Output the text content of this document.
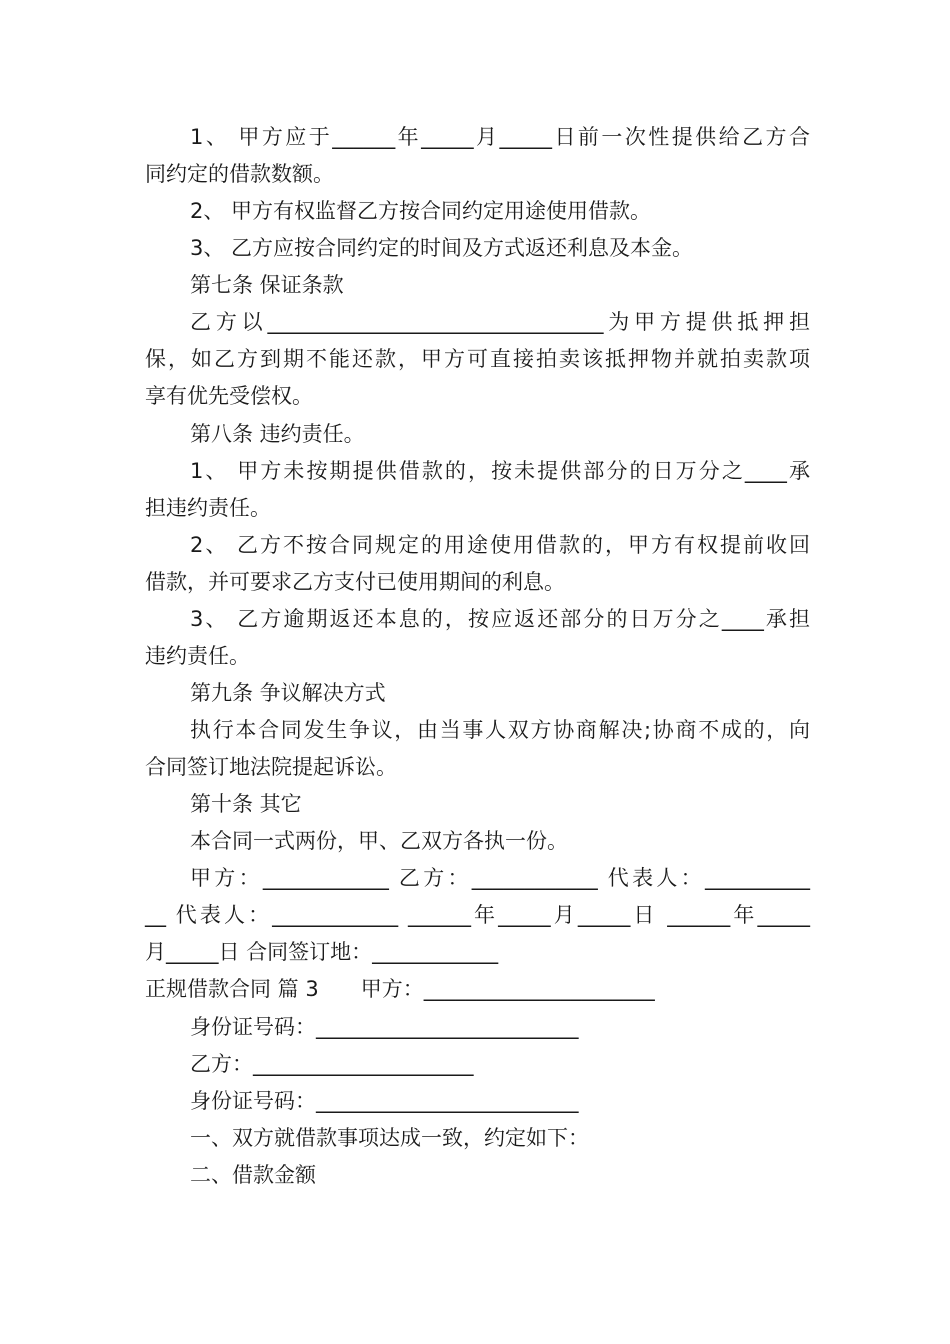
1、 甲方应于______年_____月_____日前一次性提供给乙方合
同约定的借款数额。
2、 甲方有权监督乙方按合同约定用途使用借款。
3、 乙方应按合同约定的时间及方式返还利息及本金。
第七条 保证条款
乙方以________________________________为甲方提供抵押担
保，如乙方到期不能还款，甲方可直接拍卖该抵押物并就拍卖款项
享有优先受偿权。
第八条 违约责任。
1、 甲方未按期提供借款的，按未提供部分的日万分之____承
担违约责任。
2、 乙方不按合同规定的用途使用借款的，甲方有权提前收回
借款，并可要求乙方支付已使用期间的利息。
3、 乙方逾期返还本息的，按应返还部分的日万分之____承担
违约责任。
第九条 争议解决方式
执行本合同发生争议，由当事人双方协商解决;协商不成的，向
合同签订地法院提起诉讼。
第十条 其它
本合同一式两份，甲、乙双方各执一份。
甲方：____________ 乙方：____________ 代表人：__________
__ 代表人：____________ ______年_____月_____日 ______年_____
月_____日 合同签订地：____________
正规借款合同 篇 3　　甲方：______________________
身份证号码：_________________________
乙方：_____________________
身份证号码：_________________________
一、双方就借款事项达成一致，约定如下：
二、借款金额
